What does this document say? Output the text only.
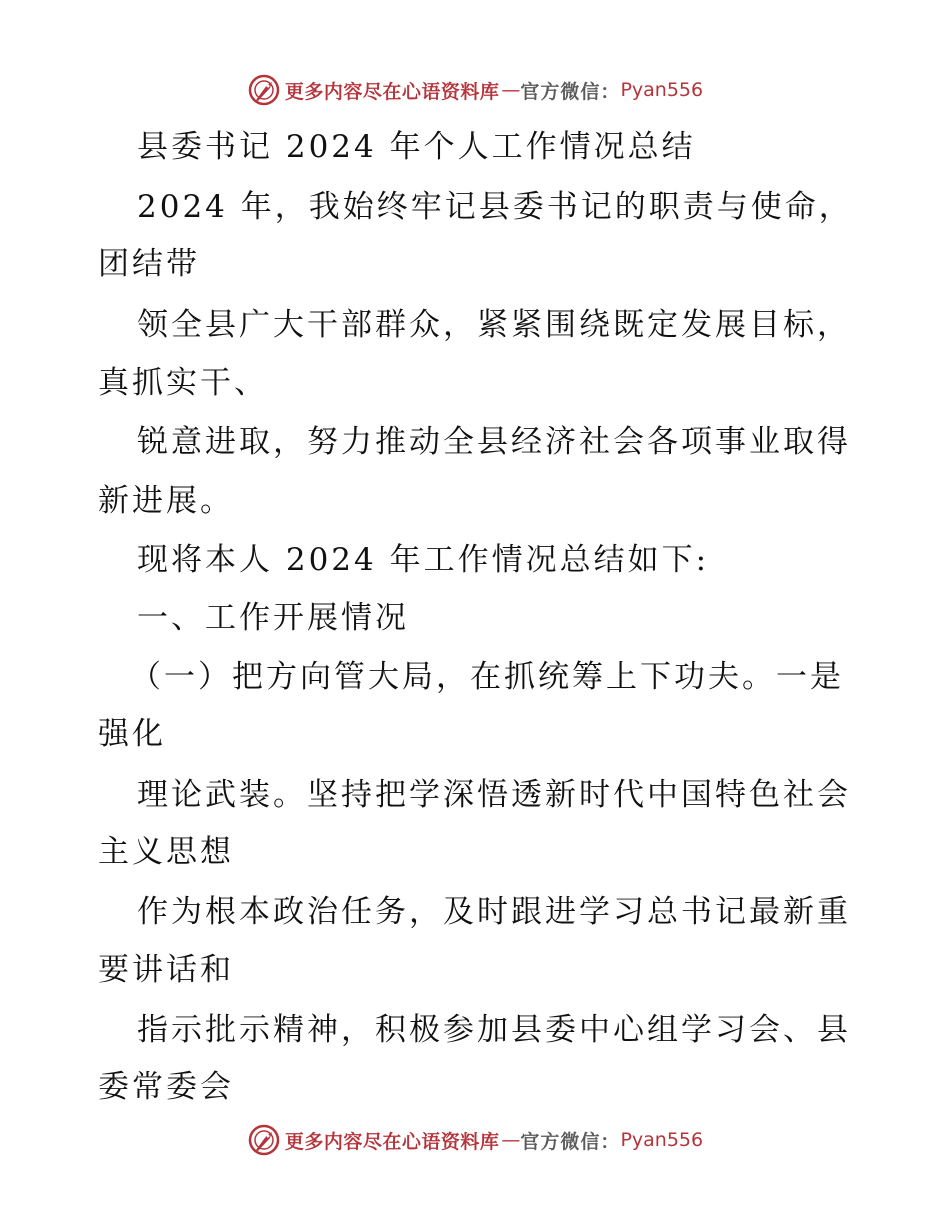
更多内容尽在心语资料库 — 官方微信 ： Pyan556
县委书记 2024 年个人工作情况总结
2024 年，我始终牢记县委书记的职责与使命，
团结带
领全县广大干部群众，紧紧围绕既定发展目标，
真抓实干、
锐意进取，努力推动全县经济社会各项事业取得
新进展。
现将本人 2024 年工作情况总结如下:
一、工作开展情况
（一）把方向管大局，在抓统筹上下功夫。一是
强化
理论武装。坚持把学深悟透新时代中国特色社会
主义思想
作为根本政治任务，及时跟进学习总书记最新重
要讲话和
指示批示精神，积极参加县委中心组学习会、县
委常委会
更多内容尽在心语资料库 — 官方微信 ： Pyan556
